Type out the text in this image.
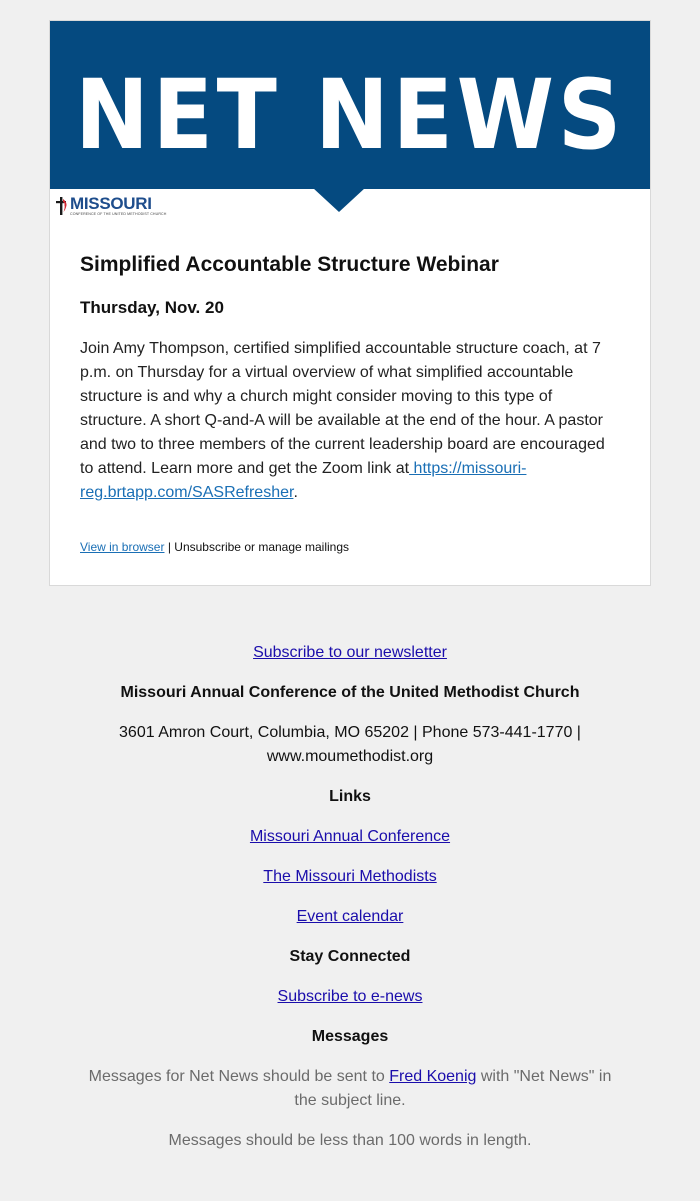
NET NEWS
MISSOURI
CONFERENCE OF THE UNITED METHODIST CHURCH
Simplified Accountable Structure Webinar
Thursday, Nov. 20
Join Amy Thompson, certified simplified accountable structure coach, at 7 p.m. on Thursday for a virtual overview of what simplified accountable structure is and why a church might consider moving to this type of structure. A short Q-and-A will be available at the end of the hour. A pastor and two to three members of the current leadership board are encouraged to attend. Learn more and get the Zoom link at https://missouri-reg.brtapp.com/SASRefresher.
View in browser | Unsubscribe or manage mailings
Subscribe to our newsletter
Missouri Annual Conference of the United Methodist Church
3601 Amron Court, Columbia, MO 65202 | Phone 573-441-1770 |
www.moumethodist.org
Links
Missouri Annual Conference
The Missouri Methodists
Event calendar
Stay Connected
Subscribe to e-news
Messages
Messages for Net News should be sent to Fred Koenig with "Net News" in
the subject line.
Messages should be less than 100 words in length.
